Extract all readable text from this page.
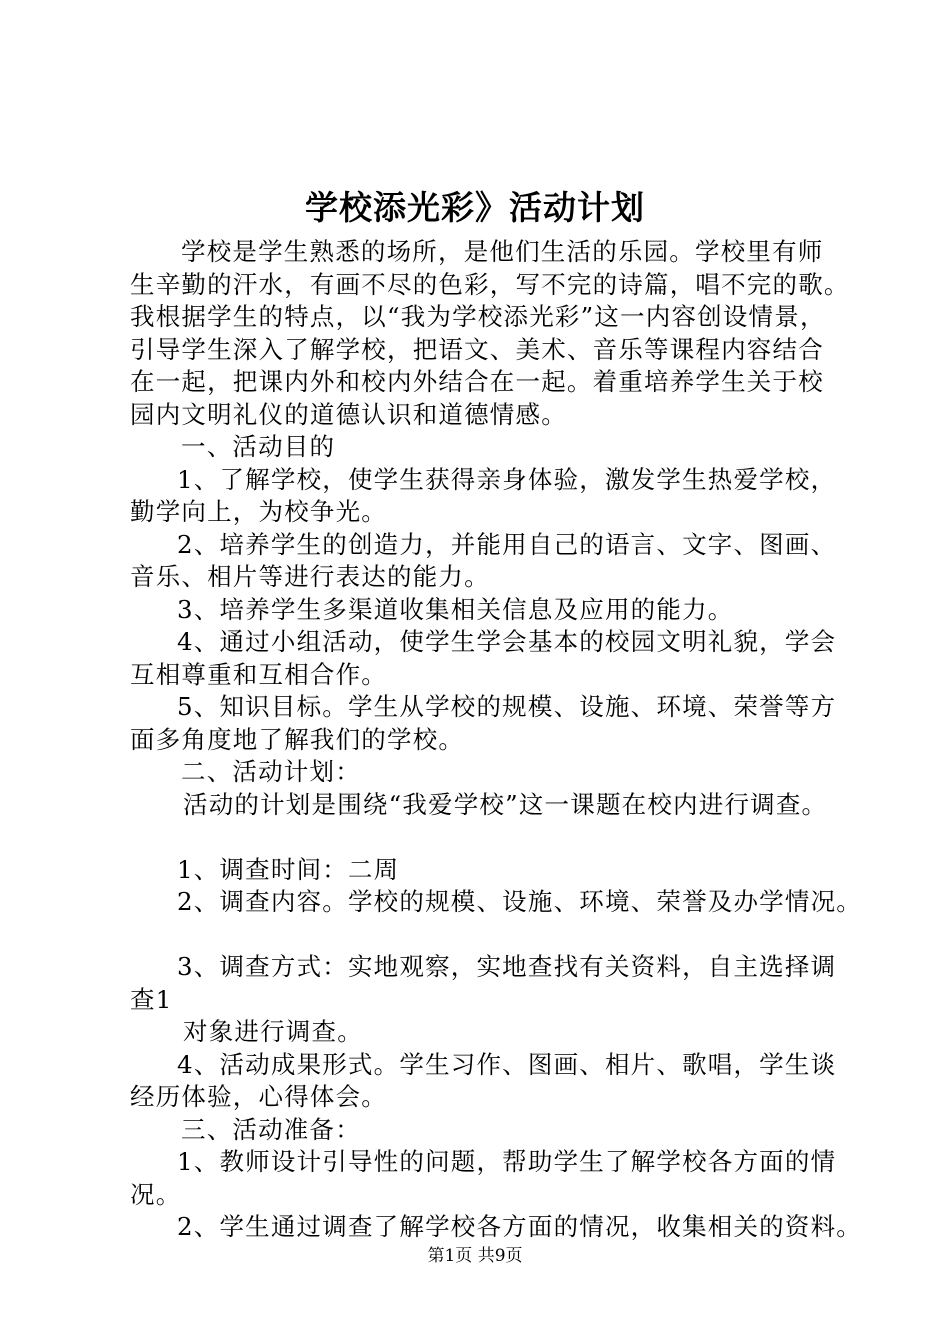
学校添光彩》活动计划
学校是学生熟悉的场所，是他们生活的乐园。学校里有师
生辛勤的汗水，有画不尽的色彩，写不完的诗篇，唱不完的歌。
我根据学生的特点，以“我为学校添光彩”这一内容创设情景，
引导学生深入了解学校，把语文、美术、音乐等课程内容结合
在一起，把课内外和校内外结合在一起。着重培养学生关于校
园内文明礼仪的道德认识和道德情感。
一、活动目的
1、了解学校，使学生获得亲身体验，激发学生热爱学校，
勤学向上，为校争光。
2、培养学生的创造力，并能用自己的语言、文字、图画、
音乐、相片等进行表达的能力。
3、培养学生多渠道收集相关信息及应用的能力。
4、通过小组活动，使学生学会基本的校园文明礼貌，学会
互相尊重和互相合作。
5、知识目标。学生从学校的规模、设施、环境、荣誉等方
面多角度地了解我们的学校。
二、活动计划：
活动的计划是围绕“我爱学校”这一课题在校内进行调查。
1、调查时间：二周
2、调查内容。学校的规模、设施、环境、荣誉及办学情况。
3、调查方式：实地观察，实地查找有关资料，自主选择调
查1
对象进行调查。
4、活动成果形式。学生习作、图画、相片、歌唱，学生谈
经历体验，心得体会。
三、活动准备：
1、教师设计引导性的问题，帮助学生了解学校各方面的情
况。
2、学生通过调查了解学校各方面的情况，收集相关的资料。
第1页 共9页
